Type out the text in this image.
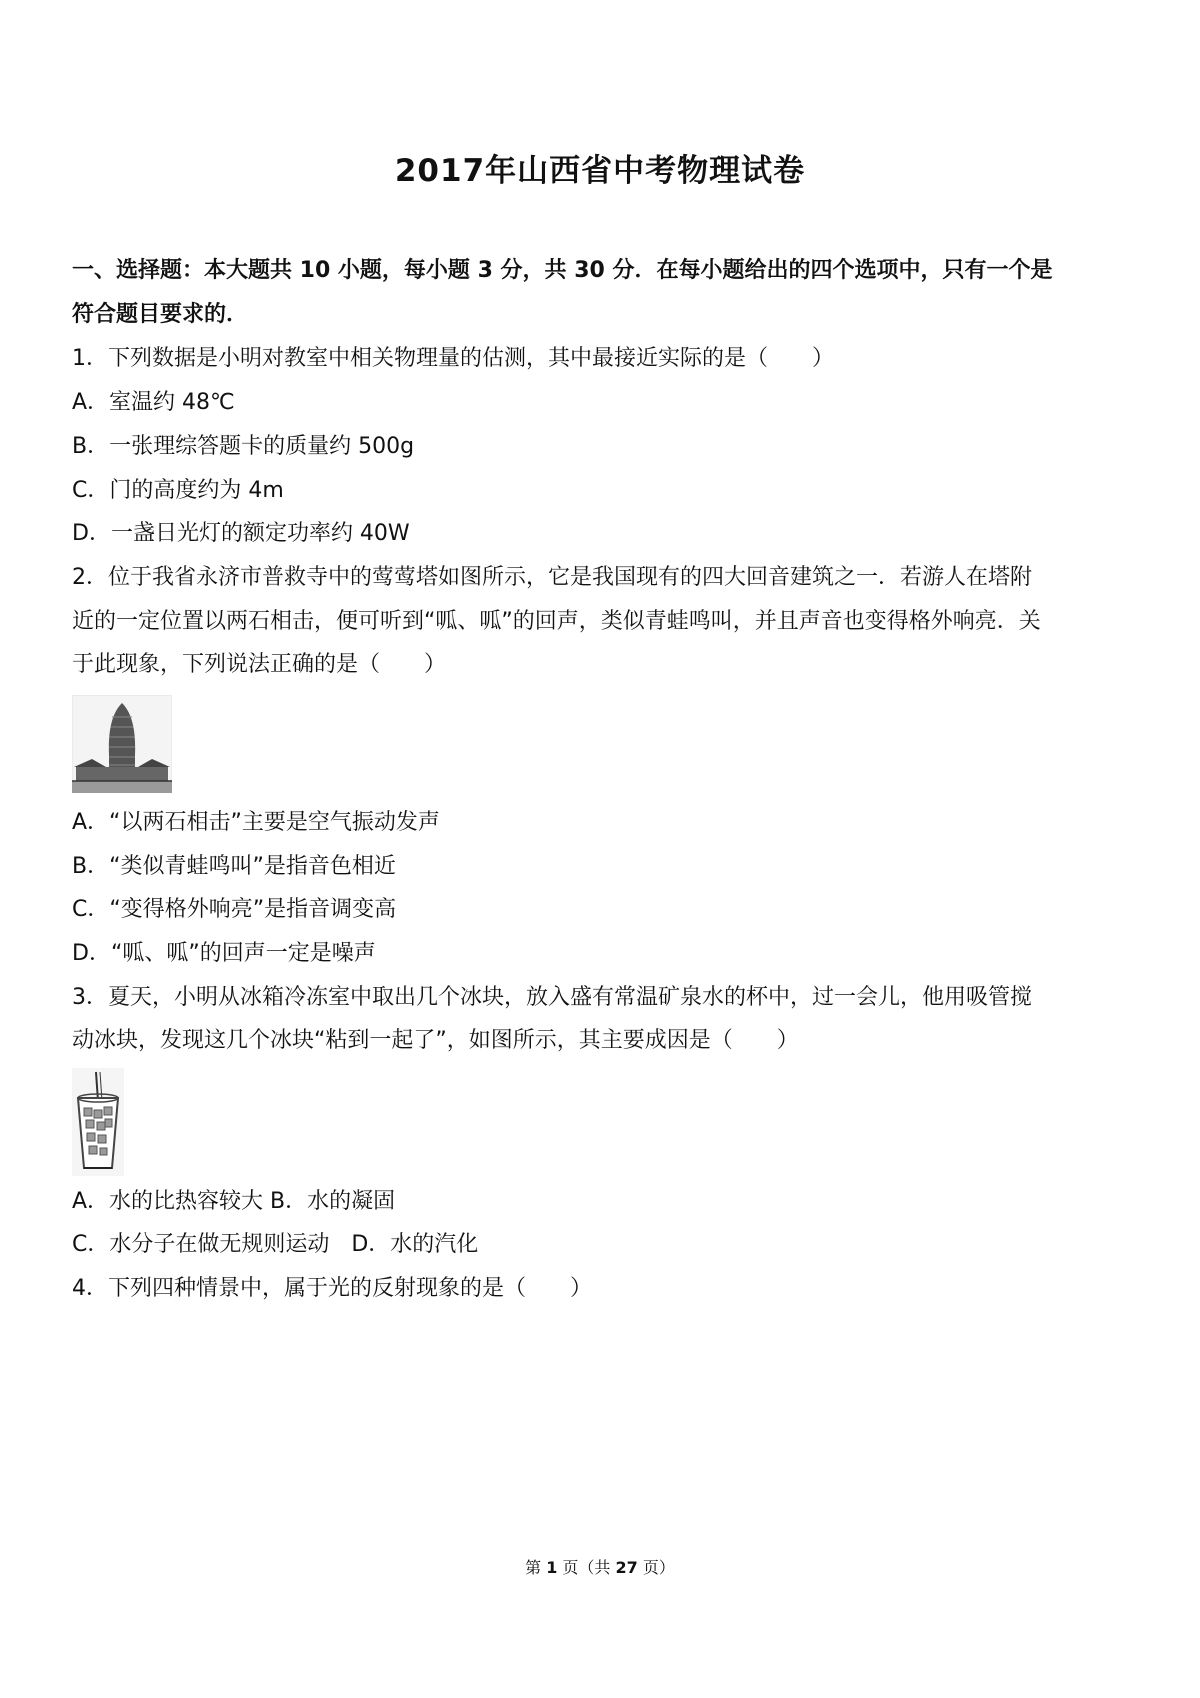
2017年山西省中考物理试卷
一、选择题：本大题共 10 小题，每小题 3 分，共 30 分．在每小题给出的四个选项中，只有一个是
符合题目要求的．
1．下列数据是小明对教室中相关物理量的估测，其中最接近实际的是（　　）
A．室温约 48℃
B．一张理综答题卡的质量约 500g
C．门的高度约为 4m
D．一盏日光灯的额定功率约 40W
2．位于我省永济市普救寺中的莺莺塔如图所示，它是我国现有的四大回音建筑之一．若游人在塔附
近的一定位置以两石相击，便可听到“呱、呱”的回声，类似青蛙鸣叫，并且声音也变得格外响亮．关
于此现象，下列说法正确的是（　　）
A．“以两石相击”主要是空气振动发声
B．“类似青蛙鸣叫”是指音色相近
C．“变得格外响亮”是指音调变高
D．“呱、呱”的回声一定是噪声
3．夏天，小明从冰箱冷冻室中取出几个冰块，放入盛有常温矿泉水的杯中，过一会儿，他用吸管搅
动冰块，发现这几个冰块“粘到一起了”，如图所示，其主要成因是（　　）
A．水的比热容较大 B．水的凝固
C．水分子在做无规则运动　D．水的汽化
4．下列四种情景中，属于光的反射现象的是（　　）
第 1 页（共 27 页）
